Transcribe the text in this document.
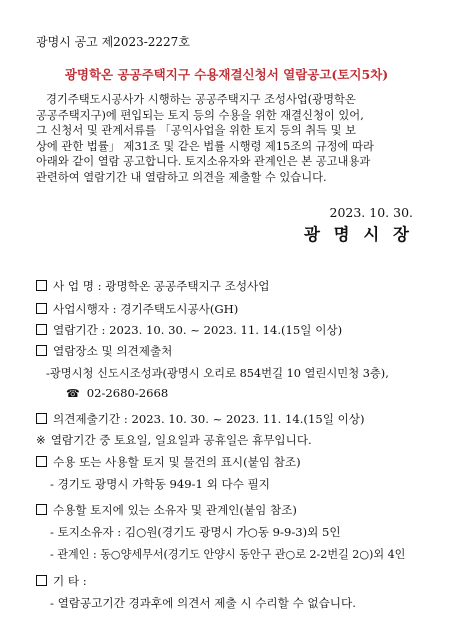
광명시 공고 제2023-2227호
광명학온 공공주택지구 수용재결신청서 열람공고(토지5차)

경기주택도시공사가 시행하는 공공주택지구 조성사업(광명학온

공공주택지구)에 편입되는 토지 등의 수용을 위한 재결신청이 있어,

그 신청서 및 관계서류를 「공익사업을 위한 토지 등의 취득 및 보

상에 관한 법률」 제31조 및 같은 법률 시행령 제15조의 규정에 따라

아래와 같이 열람 공고합니다. 토지소유자와 관계인은 본 공고내용과

관련하여 열람기간 내 열람하고 의견을 제출할 수 있습니다.

2023. 10. 30.
광 명 시 장
사 업 명 : 광명학온 공공주택지구 조성사업
사업시행자 : 경기주택도시공사(GH)
열람기간 : 2023. 10. 30. ~ 2023. 11. 14.(15일 이상)
열람장소 및 의견제출처
-광명시청 신도시조성과(광명시 오리로 854번길 10 열린시민청 3층),
☎ 02-2680-2668
의견제출기간 : 2023. 10. 30. ~ 2023. 11. 14.(15일 이상)
※ 열람기간 중 토요일, 일요일과 공휴일은 휴무입니다.
수용 또는 사용할 토지 및 물건의 표시(붙임 참조)
- 경기도 광명시 가학동 949-1 외 다수 필지
수용할 토지에 있는 소유자 및 관계인(붙임 참조)
- 토지소유자 : 김○원(경기도 광명시 가○동 9-9-3)외 5인
- 관계인 : 동○양세무서(경기도 안양시 동안구 관○로 2-2번길 2○)외 4인
기 타 :
- 열람공고기간 경과후에 의견서 제출 시 수리할 수 없습니다.
